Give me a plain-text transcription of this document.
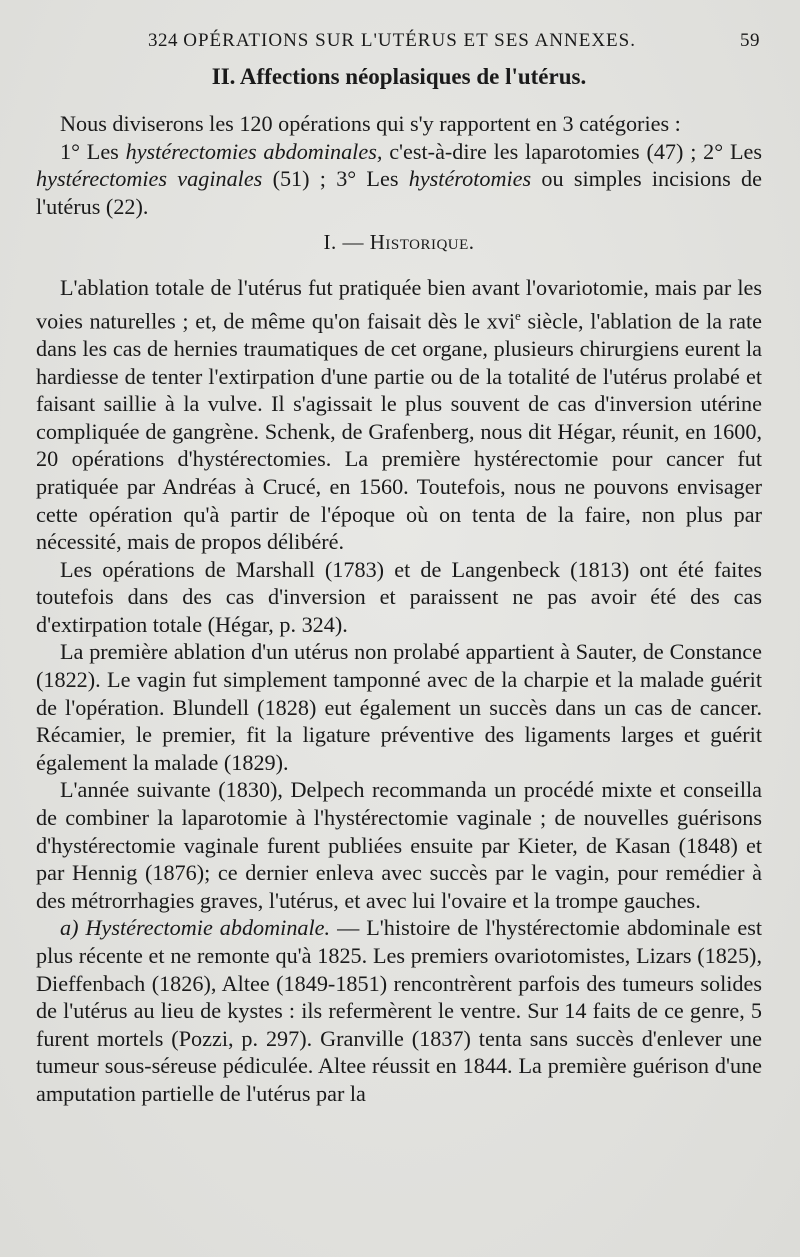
324 OPÉRATIONS SUR L'UTÉRUS ET SES ANNEXES.	59
II. Affections néoplasiques de l'utérus.

Nous diviserons les 120 opérations qui s'y rapportent en 3 catégories :

1° Les hystérectomies abdominales, c'est-à-dire les laparotomies (47) ; 2° Les hystérectomies vaginales (51) ; 3° Les hystérotomies ou simples incisions de l'utérus (22).

I. — Historique.

L'ablation totale de l'utérus fut pratiquée bien avant l'ovariotomie, mais par les voies naturelles ; et, de même qu'on faisait dès le xvi$^e$ siècle, l'ablation de la rate dans les cas de hernies traumatiques de cet organe, plusieurs chirurgiens eurent la hardiesse de tenter l'extirpation d'une partie ou de la totalité de l'utérus prolabé et faisant saillie à la vulve. Il s'agissait le plus souvent de cas d'inversion utérine compliquée de gangrène. Schenk, de Grafenberg, nous dit Hégar, réunit, en 1600, 20 opérations d'hystérectomies. La première hystérectomie pour cancer fut pratiquée par Andréas à Crucé, en 1560. Toutefois, nous ne pouvons envisager cette opération qu'à partir de l'époque où on tenta de la faire, non plus par nécessité, mais de propos délibéré.

Les opérations de Marshall (1783) et de Langenbeck (1813) ont été faites toutefois dans des cas d'inversion et paraissent ne pas avoir été des cas d'extirpation totale (Hégar, p. 324).

La première ablation d'un utérus non prolabé appartient à Sauter, de Constance (1822). Le vagin fut simplement tamponné avec de la charpie et la malade guérit de l'opération. Blundell (1828) eut également un succès dans un cas de cancer. Récamier, le premier, fit la ligature préventive des ligaments larges et guérit également la malade (1829).

L'année suivante (1830), Delpech recommanda un procédé mixte et conseilla de combiner la laparotomie à l'hystérectomie vaginale ; de nouvelles guérisons d'hystérectomie vaginale furent publiées ensuite par Kieter, de Kasan (1848) et par Hennig (1876); ce dernier enleva avec succès par le vagin, pour remédier à des métrorrhagies graves, l'utérus, et avec lui l'ovaire et la trompe gauches.

a) Hystérectomie abdominale. — L'histoire de l'hystérectomie abdominale est plus récente et ne remonte qu'à 1825. Les premiers ovariotomistes, Lizars (1825), Dieffenbach (1826), Altee (1849-1851) rencontrèrent parfois des tumeurs solides de l'utérus au lieu de kystes : ils refermèrent le ventre. Sur 14 faits de ce genre, 5 furent mortels (Pozzi, p. 297). Granville (1837) tenta sans succès d'enlever une tumeur sous-séreuse pédiculée. Altee réussit en 1844. La première guérison d'une amputation partielle de l'utérus par la
